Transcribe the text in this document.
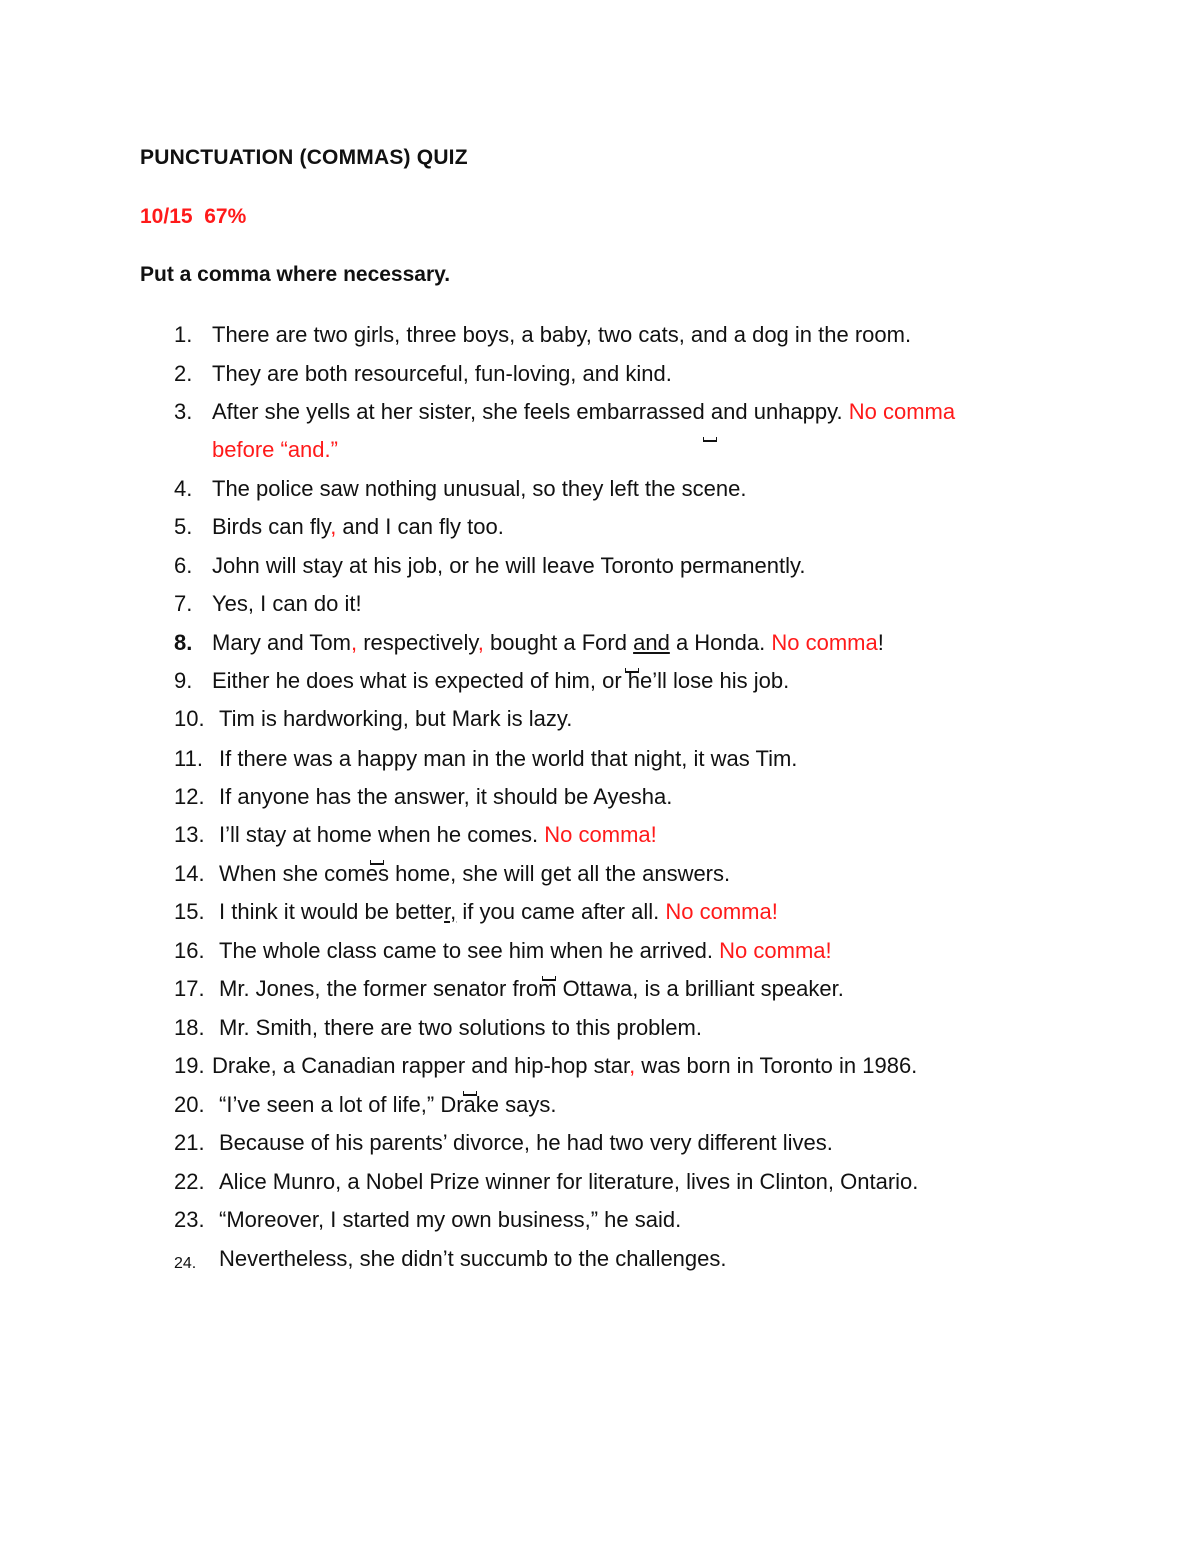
PUNCTUATION (COMMAS) QUIZ
10/15  67%
Put a comma where necessary.
1. There are two girls, three boys, a baby, two cats, and a dog in the room.
2. They are both resourceful, fun-loving, and kind.
3. After she yells at her sister, she feels embarrassed and unhappy. No comma
before “and.”
4. The police saw nothing unusual, so they left the scene.
5. Birds can fly, and I can fly too.
6. John will stay at his job, or he will leave Toronto permanently.
7. Yes, I can do it!
8. Mary and Tom, respectively, bought a Ford and a Honda. No comma!
9. Either he does what is expected of him, or he’ll lose his job.
10. Tim is hardworking, but Mark is lazy.
11. If there was a happy man in the world that night, it was Tim.
12. If anyone has the answer, it should be Ayesha.
13. I’ll stay at home when he comes. No comma!
14. When she comes home, she will get all the answers.
15. I think it would be better, if you came after all. No comma!
16. The whole class came to see him when he arrived. No comma!
17. Mr. Jones, the former senator from Ottawa, is a brilliant speaker.
18. Mr. Smith, there are two solutions to this problem.
19. Drake, a Canadian rapper and hip-hop star, was born in Toronto in 1986.
20. “I’ve seen a lot of life,” Drake says.
21. Because of his parents’ divorce, he had two very different lives.
22. Alice Munro, a Nobel Prize winner for literature, lives in Clinton, Ontario.
23. “Moreover, I started my own business,” he said.
24. Nevertheless, she didn’t succumb to the challenges.
